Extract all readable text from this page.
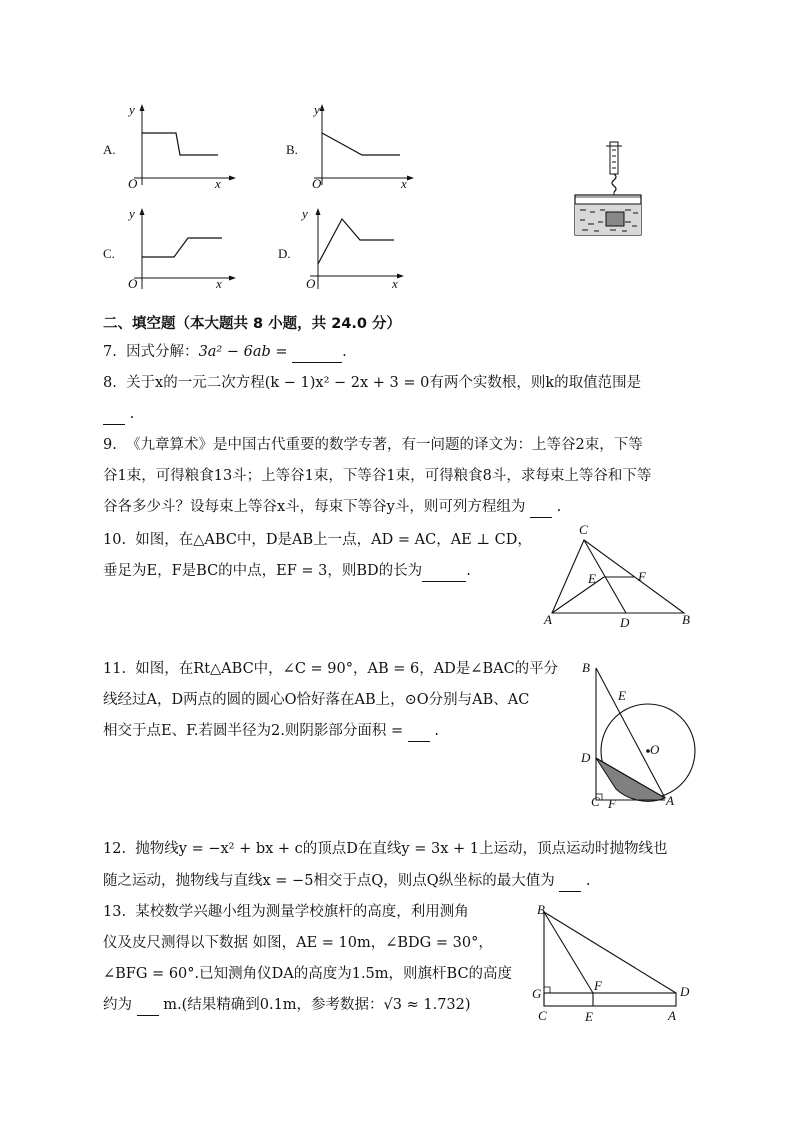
A.
y
x
O
B.
y
x
O
C.
y
x
O
D.
y
x
O
二、填空题（本大题共 8 小题，共 24.0 分）
7. 因式分解：3a² − 6ab =	.
8. 关于x的一元二次方程(k − 1)x² − 2x + 3 = 0有两个实数根，则k的取值范围是
.
9. 《九章算术》是中国古代重要的数学专著，有一问题的译文为：上等谷2束，下等
谷1束，可得粮食13斗；上等谷1束，下等谷1束，可得粮食8斗，求每束上等谷和下等
谷各多少斗？设每束上等谷x斗，每束下等谷y斗，则可列方程组为 .
10. 如图，在△ABC中，D是AB上一点，AD = AC，AE ⊥ CD，
垂足为E，F是BC的中点，EF = 3，则BD的长为	.
C
A	D	B
E	F
11. 如图，在Rt△ABC中，∠C = 90°，AB = 6，AD是∠BAC的平分
线经过A，D两点的圆的圆心O恰好落在AB上，⊙O分别与AB、AC
相交于点E、F.若圆半径为2.则阴影部分面积 = .
B
E
O
D
C F	A
12. 抛物线y = −x² + bx + c的顶点D在直线y = 3x + 1上运动，顶点运动时抛物线也
随之运动，抛物线与直线x = −5相交于点Q，则点Q纵坐标的最大值为 .
13. 某校数学兴趣小组为测量学校旗杆的高度，利用测角
仪及皮尺测得以下数据 如图，AE = 10m，∠BDG = 30°，
∠BFG = 60°.已知测角仪DA的高度为1.5m，则旗杆BC的高度
约为 m.(结果精确到0.1m，参考数据：√3 ≈ 1.732)
B
G
F	D
C	E	A
